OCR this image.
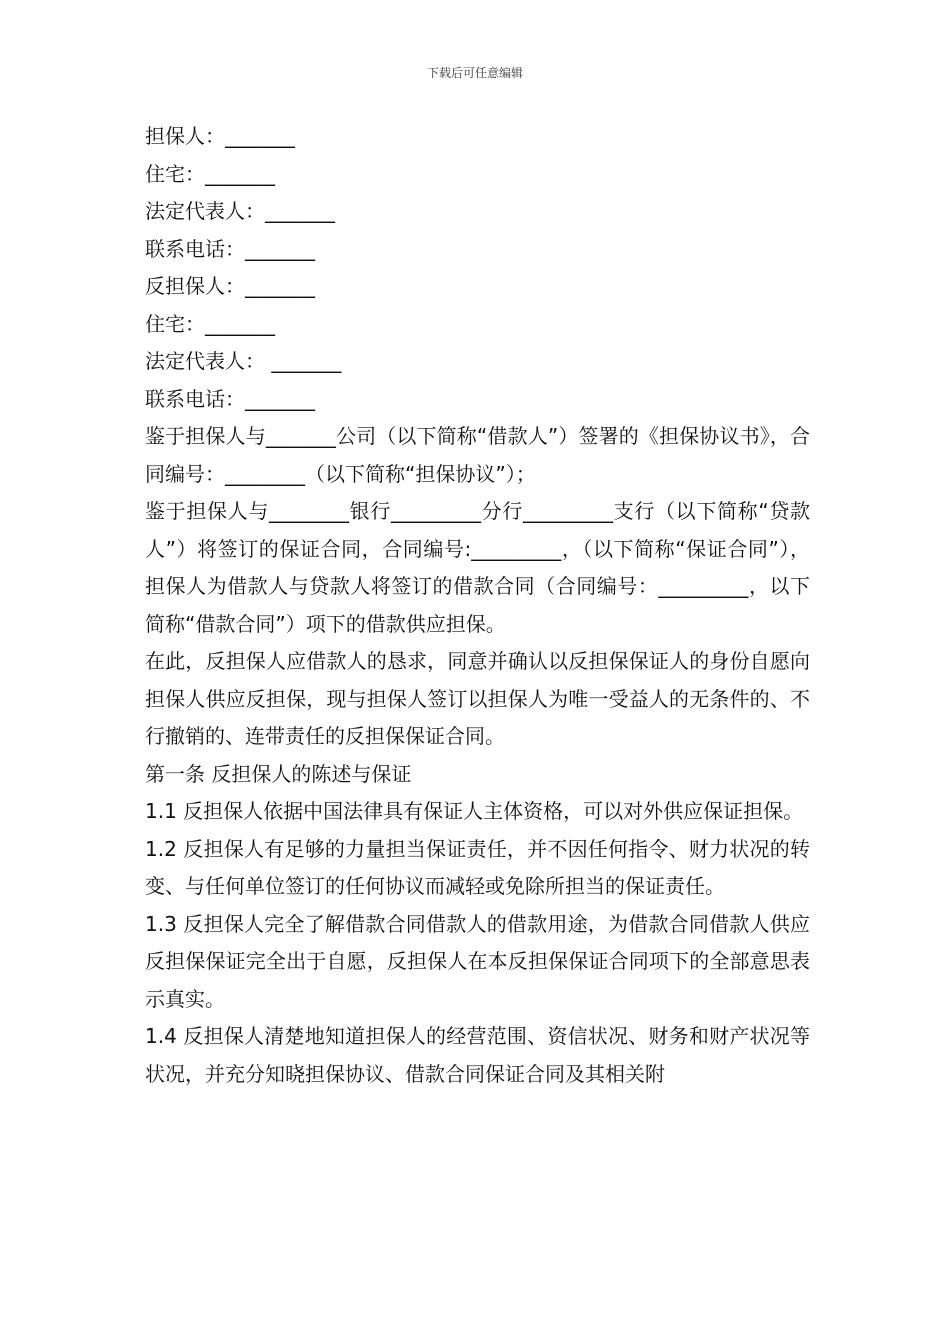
下载后可任意编辑

担保人：_______

住宅：_______

法定代表人：_______

联系电话：_______

反担保人：_______

住宅：_______

法定代表人： _______

联系电话：_______

鉴于担保人与_______公司（以下简称“借款人”）签署的《担保协议书》，合同编号：________（以下简称“担保协议”）；

鉴于担保人与________银行_________分行_________支行（以下简称“贷款人”）将签订的保证合同，合同编号:_________，（以下简称“保证合同”），担保人为借款人与贷款人将签订的借款合同（合同编号：_________，以下简称“借款合同”）项下的借款供应担保。

在此，反担保人应借款人的恳求，同意并确认以反担保保证人的身份自愿向担保人供应反担保，现与担保人签订以担保人为唯一受益人的无条件的、不行撤销的、连带责任的反担保保证合同。

第一条 反担保人的陈述与保证

1.1 反担保人依据中国法律具有保证人主体资格，可以对外供应保证担保。

1.2 反担保人有足够的力量担当保证责任，并不因任何指令、财力状况的转变、与任何单位签订的任何协议而减轻或免除所担当的保证责任。

1.3 反担保人完全了解借款合同借款人的借款用途，为借款合同借款人供应反担保保证完全出于自愿，反担保人在本反担保保证合同项下的全部意思表示真实。

1.4 反担保人清楚地知道担保人的经营范围、资信状况、财务和财产状况等状况，并充分知晓担保协议、借款合同保证合同及其相关附
